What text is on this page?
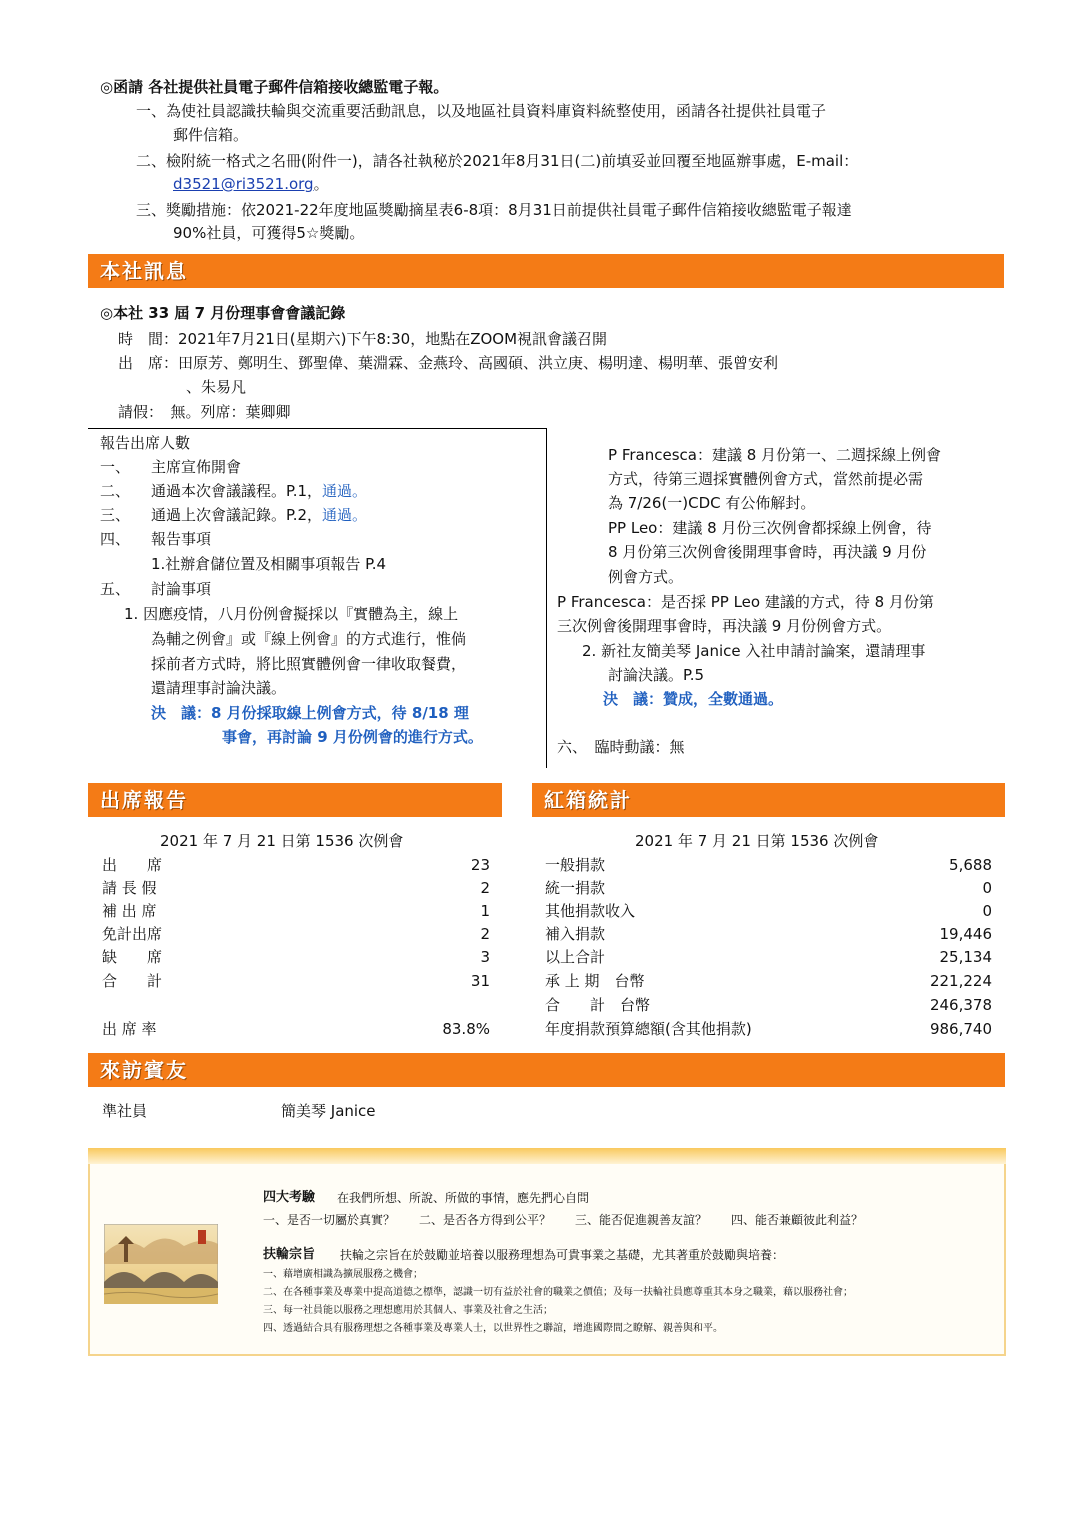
◎函請 各社提供社員電子郵件信箱接收總監電子報。
一、為使社員認識扶輪與交流重要活動訊息，以及地區社員資料庫資料統整使用，函請各社提供社員電子
郵件信箱。
二、檢附統一格式之名冊(附件一)，請各社執秘於2021年8月31日(二)前填妥並回覆至地區辦事處，E-mail：
d3521@ri3521.org。
三、獎勵措施：依2021-22年度地區獎勵摘星表6-8項：8月31日前提供社員電子郵件信箱接收總監電子報達
90%社員，可獲得5☆獎勵。
本社訊息
◎本社 33 屆 7 月份理事會會議記錄
時　間：2021年7月21日(星期六)下午8:30，地點在ZOOM視訊會議召開
出　席：田原芳、鄭明生、鄧聖偉、葉淵霖、金燕玲、高國碩、洪立庚、楊明達、楊明華、張曾安利
、朱易凡
請假：　無。列席：葉卿卿
報告出席人數
一、 主席宣佈開會
二、 通過本次會議議程。P.1，通過。
三、 通過上次會議記錄。P.2，通過。
四、 報告事項
1.社辦倉儲位置及相關事項報告 P.4
五、 討論事項
1. 因應疫情，八月份例會擬採以『實體為主，線上
為輔之例會』或『線上例會』的方式進行，惟倘
採前者方式時，將比照實體例會一律收取餐費，
還請理事討論決議。
決　議：8 月份採取線上例會方式，待 8/18 理
事會，再討論 9 月份例會的進行方式。
P Francesca：建議 8 月份第一、二週採線上例會
方式，待第三週採實體例會方式，當然前提必需
為 7/26(一)CDC 有公佈解封。
PP Leo：建議 8 月份三次例會都採線上例會，待
8 月份第三次例會後開理事會時，再決議 9 月份
例會方式。
P Francesca：是否採 PP Leo 建議的方式，待 8 月份第
三次例會後開理事會時，再決議 9 月份例會方式。
2. 新社友簡美琴 Janice 入社申請討論案，還請理事
討論決議。P.5
決　議：贊成，全數通過。
六、　臨時動議：無
出席報告	紅箱統計
2021 年 7 月 21 日第 1536 次例會
出　　席	23
請 長 假	2
補 出 席	1
免計出席	2
缺　　席	3
合　　計	31
出 席 率	83.8%
2021 年 7 月 21 日第 1536 次例會
一般捐款	5,688
統一捐款	0
其他捐款收入	0
補入捐款	19,446
以上合計	25,134
承 上 期　台幣	221,224
合　　計　台幣	246,378
年度捐款預算總額(含其他捐款)	986,740
來訪賓友
準社員	簡美琴 Janice
四大考驗 在我們所想、所說、所做的事情，應先捫心自問
一、是否一切屬於真實？　　二、是否各方得到公平？　　三、能否促進親善友誼？　　四、能否兼顧彼此利益？
扶輪宗旨 扶輪之宗旨在於鼓勵並培養以服務理想為可貴事業之基礎，尤其著重於鼓勵與培養：
一、藉增廣相識為擴展服務之機會；
二、在各種事業及專業中提高道德之標準，認識一切有益於社會的職業之價值；及每一扶輪社員應尊重其本身之職業，藉以服務社會；
三、每一社員能以服務之理想應用於其個人、事業及社會之生活；
四、透過結合具有服務理想之各種事業及專業人士，以世界性之聯誼，增進國際間之瞭解、親善與和平。
